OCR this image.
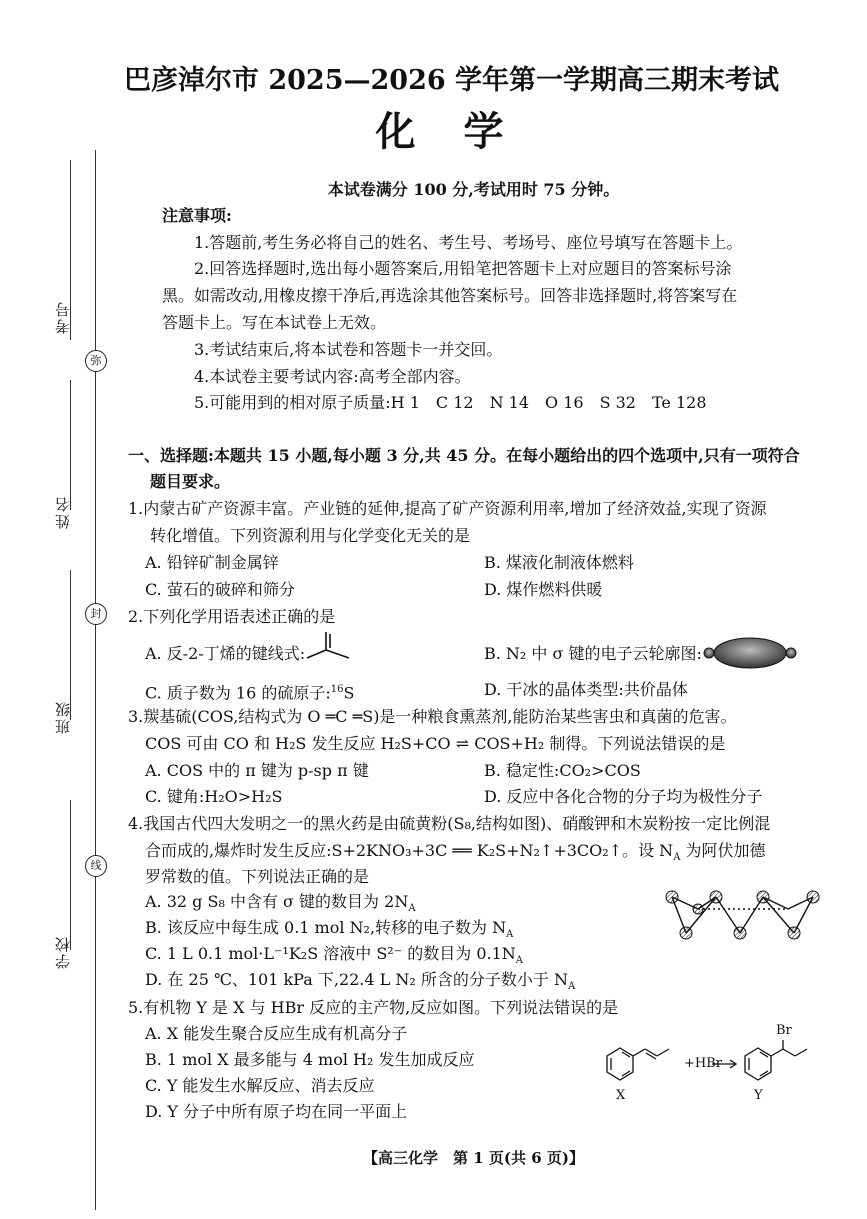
考号
姓名
班级
学校
弥
封
线
巴彦淖尔市 2025—2026 学年第一学期高三期末考试
化　学
本试卷满分 100 分,考试用时 75 分钟。
注意事项:
1.答题前,考生务必将自己的姓名、考生号、考场号、座位号填写在答题卡上。
2.回答选择题时,选出每小题答案后,用铅笔把答题卡上对应题目的答案标号涂
黑。如需改动,用橡皮擦干净后,再选涂其他答案标号。回答非选择题时,将答案写在
答题卡上。写在本试卷上无效。
3.考试结束后,将本试卷和答题卡一并交回。
4.本试卷主要考试内容:高考全部内容。
5.可能用到的相对原子质量:H 1　C 12　N 14　O 16　S 32　Te 128
一、选择题:本题共 15 小题,每小题 3 分,共 45 分。在每小题给出的四个选项中,只有一项符合
题目要求。
1.内蒙古矿产资源丰富。产业链的延伸,提高了矿产资源利用率,增加了经济效益,实现了资源
转化增值。下列资源利用与化学变化无关的是
A. 铅锌矿制金属锌	B. 煤液化制液体燃料
C. 萤石的破碎和筛分	D. 煤作燃料供暖
2.下列化学用语表述正确的是
A. 反-2-丁烯的键线式:	B. N₂ 中 σ 键的电子云轮廓图:
C. 质子数为 16 的硫原子:$^{16}$S	D. 干冰的晶体类型:共价晶体
3.羰基硫(COS,结构式为 O ═C ═S)是一种粮食熏蒸剂,能防治某些害虫和真菌的危害。
COS 可由 CO 和 H₂S 发生反应 H₂S+CO ⇌ COS+H₂ 制得。下列说法错误的是
A. COS 中的 π 键为 p-sp π 键	B. 稳定性:CO₂>COS
C. 键角:H₂O>H₂S	D. 反应中各化合物的分子均为极性分子
4.我国古代四大发明之一的黑火药是由硫黄粉(S₈,结构如图)、硝酸钾和木炭粉按一定比例混
合而成的,爆炸时发生反应:S+2KNO₃+3C ══ K₂S+N₂↑+3CO₂↑。设 $N_A$ 为阿伏加德
罗常数的值。下列说法正确的是
A. 32 g S₈ 中含有 σ 键的数目为 $2N_A$
B. 该反应中每生成 0.1 mol N₂,转移的电子数为 $N_A$
C. 1 L 0.1 mol·L⁻¹K₂S 溶液中 S²⁻ 的数目为 $0.1N_A$
D. 在 25 ℃、101 kPa 下,22.4 L N₂ 所含的分子数小于 $N_A$
5.有机物 Y 是 X 与 HBr 反应的主产物,反应如图。下列说法错误的是
A. X 能发生聚合反应生成有机高分子
B. 1 mol X 最多能与 4 mol H₂ 发生加成反应
C. Y 能发生水解反应、消去反应
D. Y 分子中所有原子均在同一平面上
+HBr
X	Y
Br
【高三化学　第 1 页(共 6 页)】
